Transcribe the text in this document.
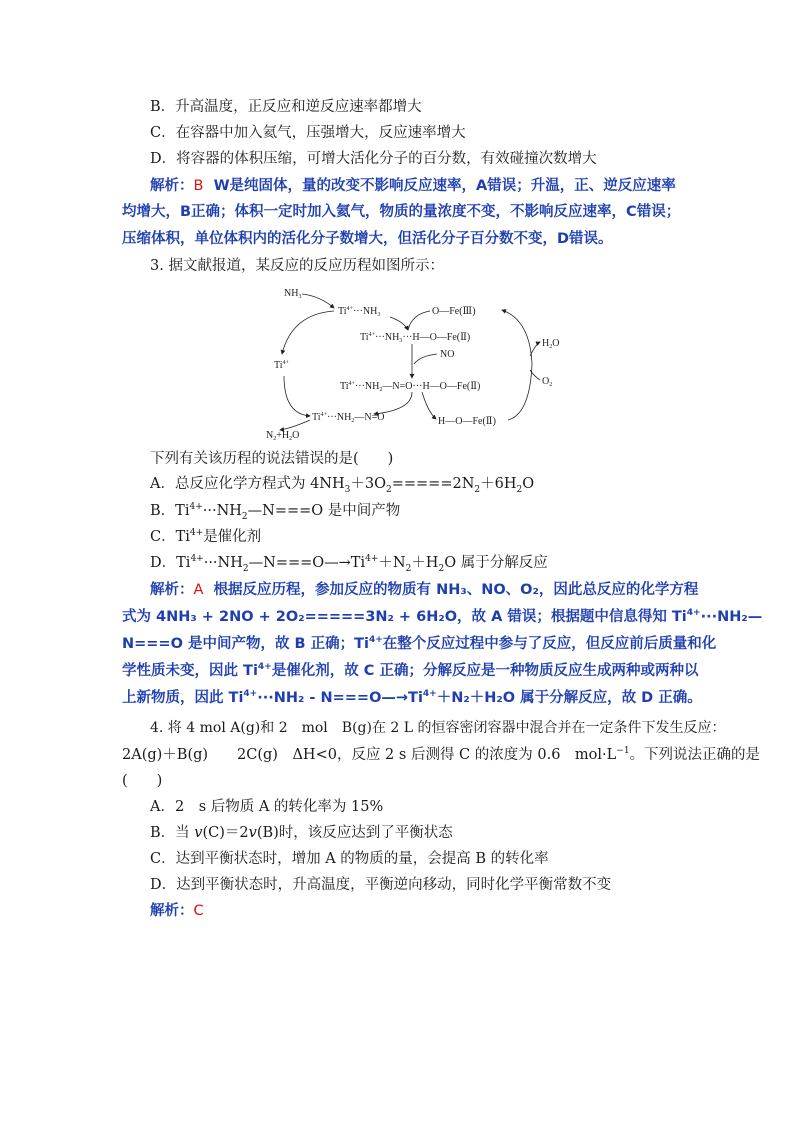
B．升高温度，正反应和逆反应速率都增大
C．在容器中加入氦气，压强增大，反应速率增大
D．将容器的体积压缩，可增大活化分子的百分数，有效碰撞次数增大
解析：B W是纯固体，量的改变不影响反应速率，A错误；升温，正、逆反应速率
均增大，B正确；体积一定时加入氦气，物质的量浓度不变，不影响反应速率，C错误；
压缩体积，单位体积内的活化分子数增大，但活化分子百分数不变，D错误。
3. 据文献报道，某反应的反应历程如图所示：
$NH_3$
$Ti^{4+}\cdot\cdot\cdot NH_3$	O—Fe(Ⅲ)
$Ti^{4+}\cdot\cdot\cdot NH_3\cdot\cdot\cdot H—O—Fe(Ⅱ)$
$Ti^{4+}$
NO
$H_2O$
$O_2$
$Ti^{4+}\cdot\cdot\cdot NH_2—N=O\cdot\cdot\cdot H—O—Fe(Ⅱ)$
$Ti^{4+}\cdot\cdot\cdot NH_2—N=O$	H—O—Fe(Ⅱ)
$N_2+H_2O$
下列有关该历程的说法错误的是(　　)
A．总反应化学方程式为 $4NH_3+3O_2=====2N_2+6H_2O$
B．$Ti^{4+}\cdot\cdot\cdot NH_2—N===O$ 是中间产物
C．$Ti^{4+}$是催化剂
D．$Ti^{4+}\cdot\cdot\cdot NH_2—N===O—\to Ti^{4+}+N_2+H_2O$ 属于分解反应
解析：A 根据反应历程，参加反应的物质有 NH₃、NO、O₂，因此总反应的化学方程
式为 4NH₃ + 2NO + 2O₂=====3N₂ + 6H₂O，故 A 错误；根据题中信息得知 $Ti^{4+}\cdot\cdot\cdot NH_2—$
N===O 是中间产物，故 B 正确；$Ti^{4+}$在整个反应过程中参与了反应，但反应前后质量和化
学性质未变，因此 $Ti^{4+}$是催化剂，故 C 正确；分解反应是一种物质反应生成两种或两种以
上新物质，因此 $Ti^{4+}\cdot\cdot\cdot NH_2$ - $N===O—\to Ti^{4+}+N_2+H_2O$ 属于分解反应，故 D 正确。
4. 将 4 mol A(g)和 2　mol　B(g)在 2 L 的恒容密闭容器中混合并在一定条件下发生反应：
2A(g)＋B(g)　　2C(g)　ΔH<0，反应 2 s 后测得 C 的浓度为 0.6　$mol\cdot L^{-1}$。下列说法正确的是
(　　)
A．2　s 后物质 A 的转化率为 15%
B．当 v(C)＝2v(B)时，该反应达到了平衡状态
C．达到平衡状态时，增加 A 的物质的量，会提高 B 的转化率
D．达到平衡状态时，升高温度，平衡逆向移动，同时化学平衡常数不变
解析：C
